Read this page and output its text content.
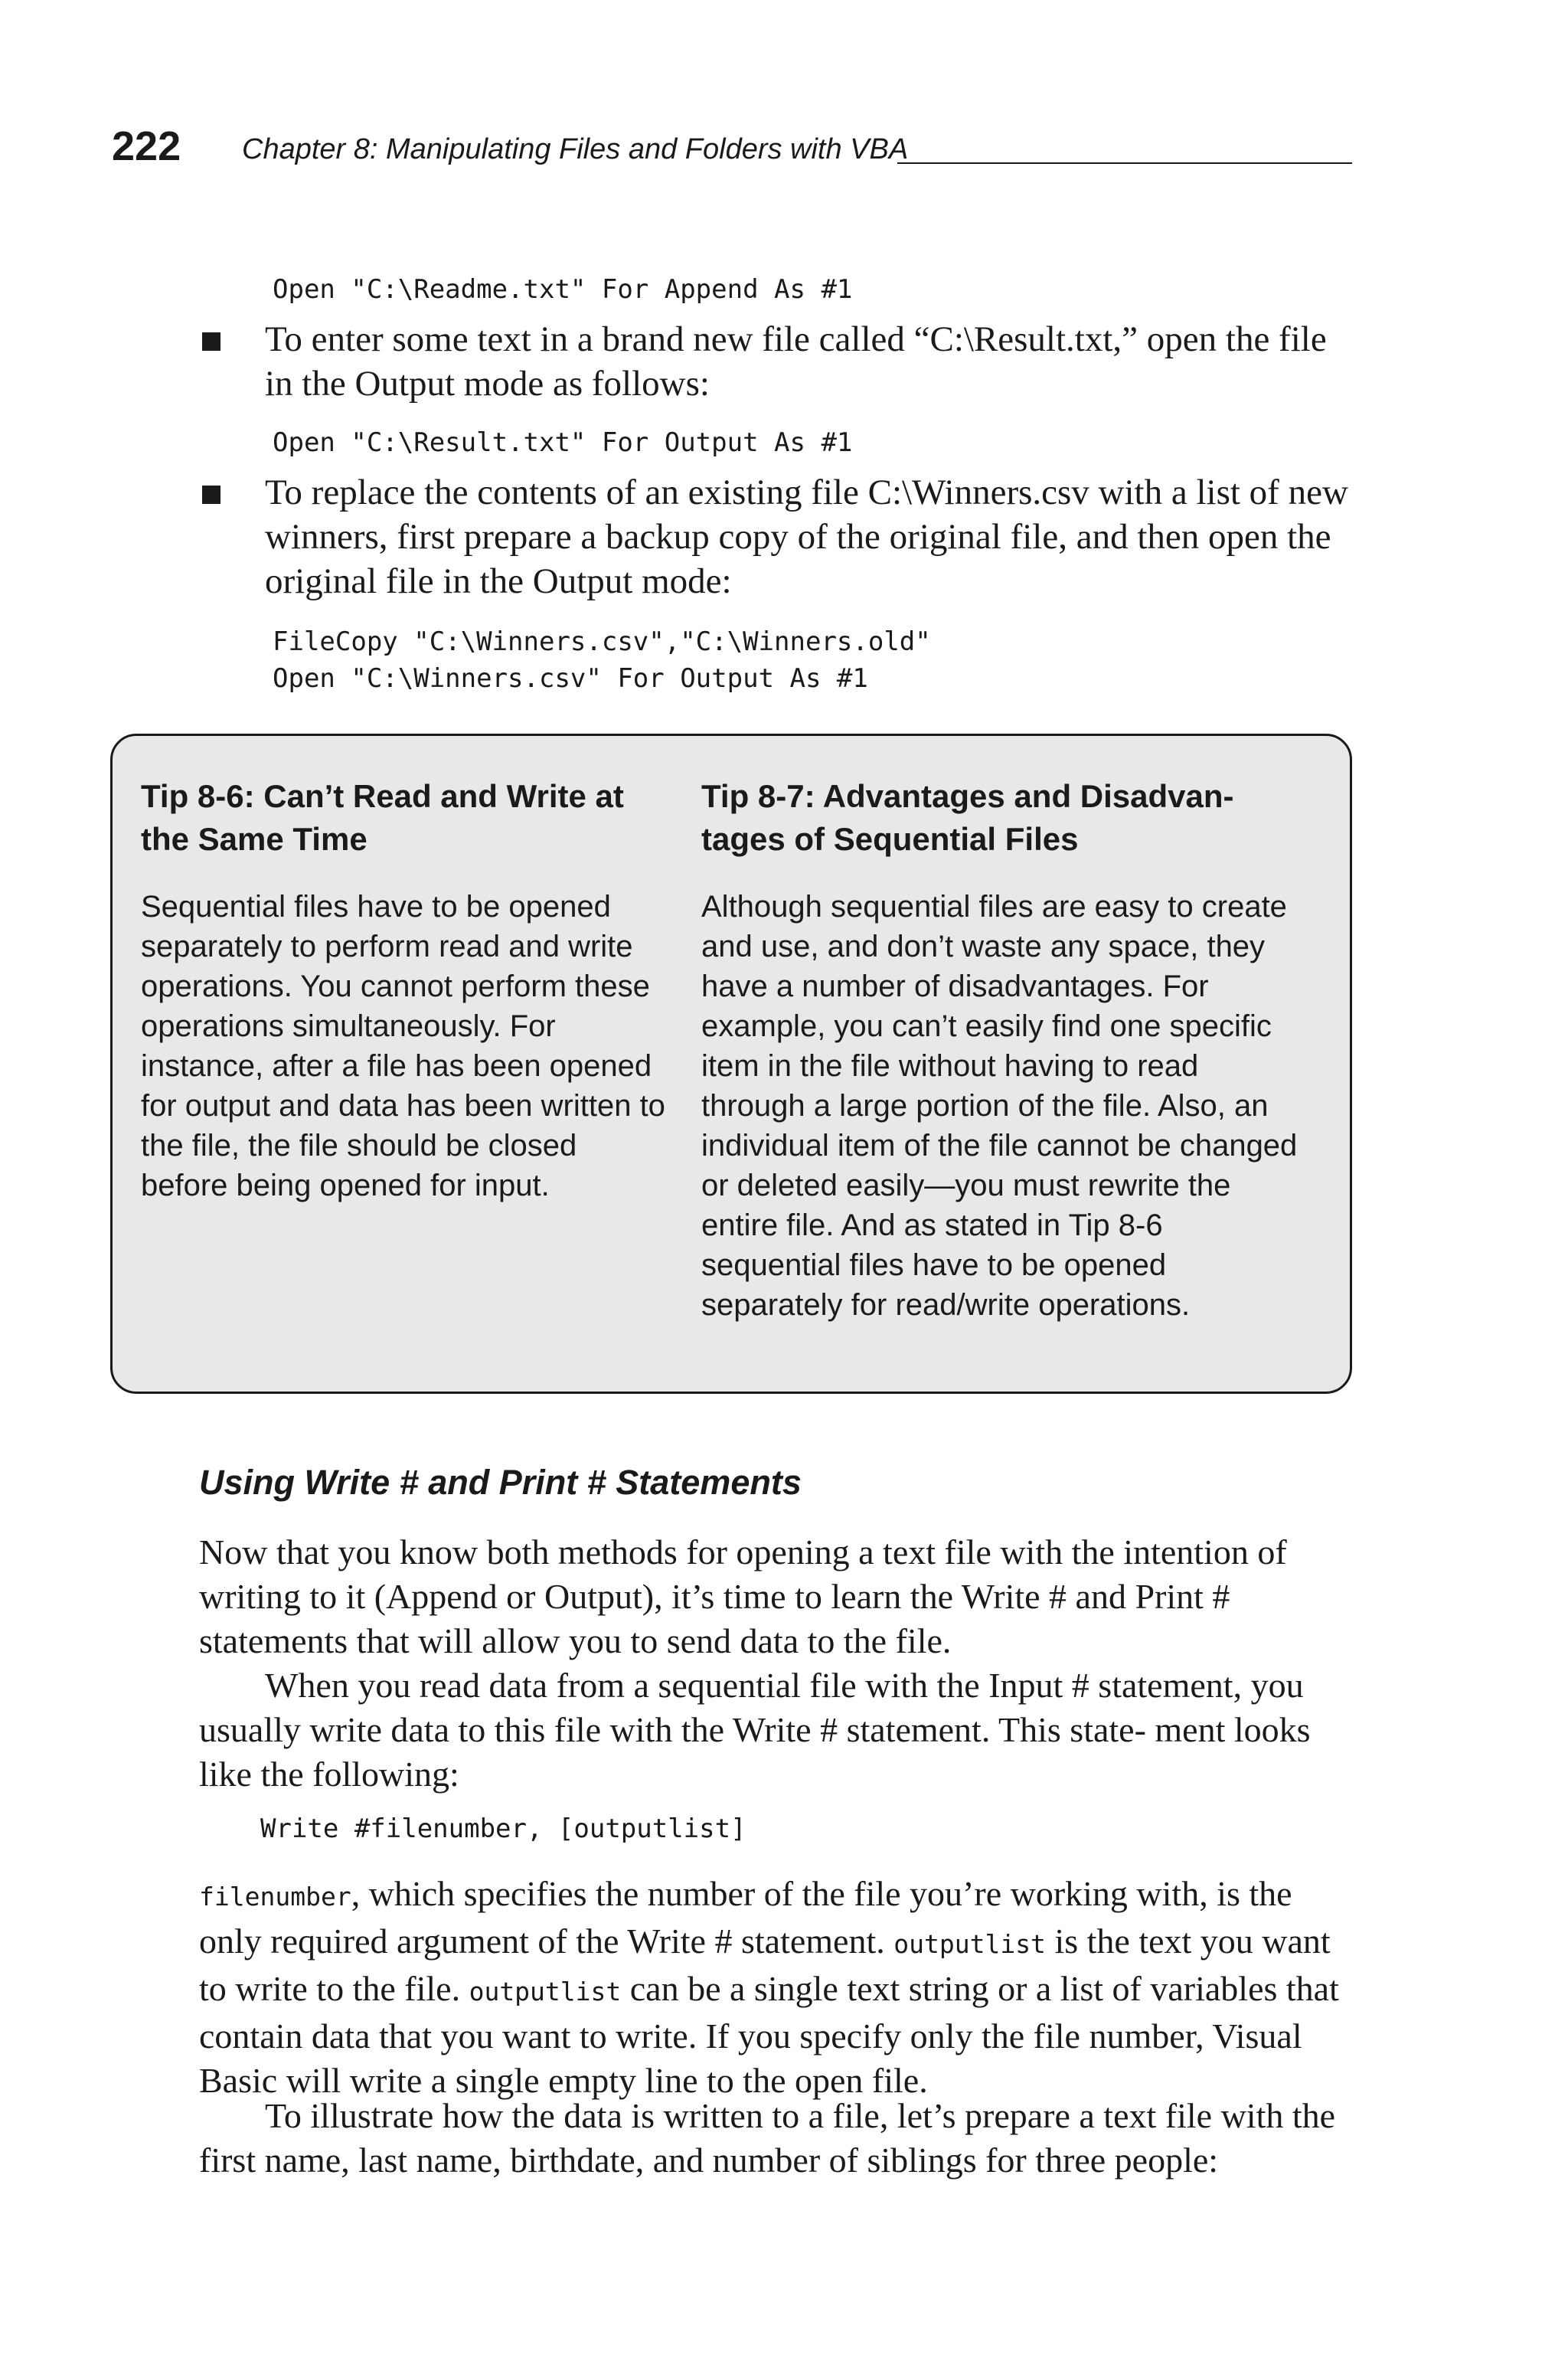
222 Chapter 8: Manipulating Files and Folders with VBA
Open "C:\Readme.txt" For Append As #1
To enter some text in a brand new file called “C:\Result.txt,” open the file in the Output mode as follows:
Open "C:\Result.txt" For Output As #1
To replace the contents of an existing file C:\Winners.csv with a list of new winners, first prepare a backup copy of the original file, and then open the original file in the Output mode:
FileCopy "C:\Winners.csv","C:\Winners.old"
Open "C:\Winners.csv" For Output As #1

Tip 8-6: Can’t Read and Write at the Same Time

Sequential files have to be opened separately to perform read and write operations. You cannot perform these operations simultaneously. For instance, after a file has been opened for output and data has been written to the file, the file should be closed before being opened for input.

Tip 8-7: Advantages and Disadvan- tages of Sequential Files

Although sequential files are easy to create and use, and don’t waste any space, they have a number of disadvantages. For example, you can’t easily find one specific item in the file without having to read through a large portion of the file. Also, an individual item of the file cannot be changed or deleted easily—you must rewrite the entire file. And as stated in Tip 8-6 sequential files have to be opened separately for read/write operations.

Using Write # and Print # Statements
Now that you know both methods for opening a text file with the intention of writing to it (Append or Output), it’s time to learn the Write # and Print # statements that will allow you to send data to the file.
When you read data from a sequential file with the Input # statement, you usually write data to this file with the Write # statement. This state- ment looks like the following:
Write #filenumber, [outputlist]
filenumber, which specifies the number of the file you’re working with, is the only required argument of the Write # statement. outputlist is the text you want to write to the file. outputlist can be a single text string or a list of variables that contain data that you want to write. If you specify only the file number, Visual Basic will write a single empty line to the open file.
To illustrate how the data is written to a file, let’s prepare a text file with the first name, last name, birthdate, and number of siblings for three people:
